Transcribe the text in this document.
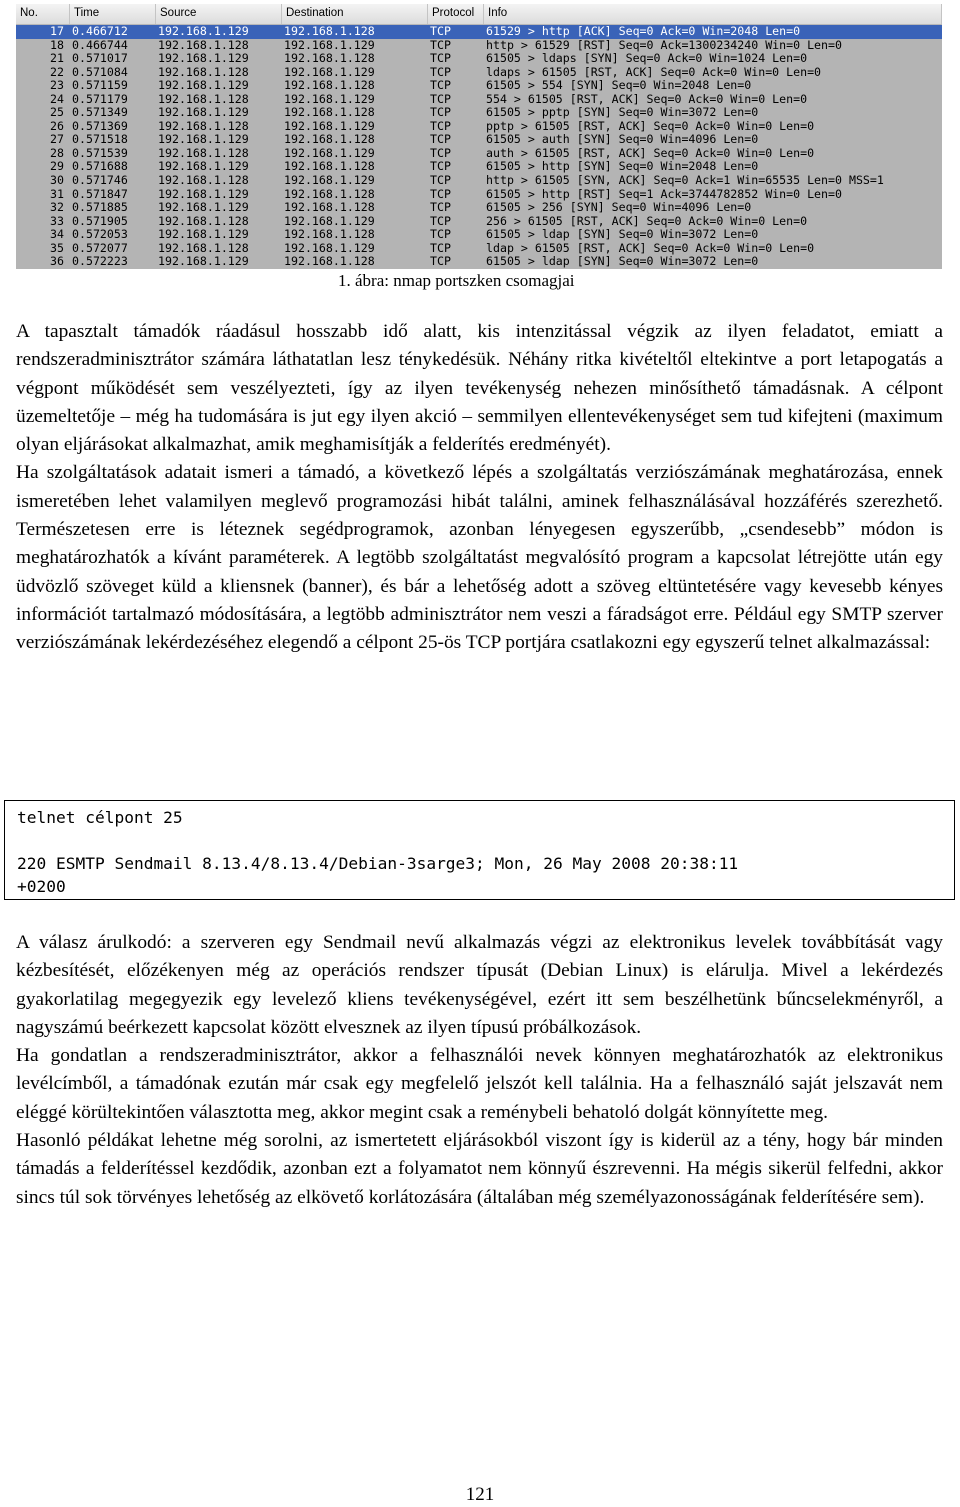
No.	Time	Source	Destination	Protocol	Info
17 0.466712	192.168.1.129	192.168.1.128	TCP	61529 > http [ACK] Seq=0 Ack=0 Win=2048 Len=0
18 0.466744	192.168.1.128	192.168.1.129	TCP	http > 61529 [RST] Seq=0 Ack=1300234240 Win=0 Len=0
21 0.571017	192.168.1.129	192.168.1.128	TCP	61505 > ldaps [SYN] Seq=0 Ack=0 Win=1024 Len=0
22 0.571084	192.168.1.128	192.168.1.129	TCP	ldaps > 61505 [RST, ACK] Seq=0 Ack=0 Win=0 Len=0
23 0.571159	192.168.1.129	192.168.1.128	TCP	61505 > 554 [SYN] Seq=0 Win=2048 Len=0
24 0.571179	192.168.1.128	192.168.1.129	TCP	554 > 61505 [RST, ACK] Seq=0 Ack=0 Win=0 Len=0
25 0.571349	192.168.1.129	192.168.1.128	TCP	61505 > pptp [SYN] Seq=0 Win=3072 Len=0
26 0.571369	192.168.1.128	192.168.1.129	TCP	pptp > 61505 [RST, ACK] Seq=0 Ack=0 Win=0 Len=0
27 0.571518	192.168.1.129	192.168.1.128	TCP	61505 > auth [SYN] Seq=0 Win=4096 Len=0
28 0.571539	192.168.1.128	192.168.1.129	TCP	auth > 61505 [RST, ACK] Seq=0 Ack=0 Win=0 Len=0
29 0.571688	192.168.1.129	192.168.1.128	TCP	61505 > http [SYN] Seq=0 Win=2048 Len=0
30 0.571746	192.168.1.128	192.168.1.129	TCP	http > 61505 [SYN, ACK] Seq=0 Ack=1 Win=65535 Len=0 MSS=1
31 0.571847	192.168.1.129	192.168.1.128	TCP	61505 > http [RST] Seq=1 Ack=3744782852 Win=0 Len=0
32 0.571885	192.168.1.129	192.168.1.128	TCP	61505 > 256 [SYN] Seq=0 Win=4096 Len=0
33 0.571905	192.168.1.128	192.168.1.129	TCP	256 > 61505 [RST, ACK] Seq=0 Ack=0 Win=0 Len=0
34 0.572053	192.168.1.129	192.168.1.128	TCP	61505 > ldap [SYN] Seq=0 Win=3072 Len=0
35 0.572077	192.168.1.128	192.168.1.129	TCP	ldap > 61505 [RST, ACK] Seq=0 Ack=0 Win=0 Len=0
36 0.572223	192.168.1.129	192.168.1.128	TCP	61505 > ldap [SYN] Seq=0 Win=3072 Len=0
1. ábra: nmap portszken csomagjai

A tapasztalt támadók ráadásul hosszabb idő alatt, kis intenzitással végzik az ilyen feladatot, emiatt a rendszeradminisztrátor számára láthatatlan lesz ténykedésük. Néhány ritka kivételtől eltekintve a port letapogatás a végpont működését sem veszélyezteti, így az ilyen tevékenység nehezen minősíthető támadásnak. A célpont üzemeltetője – még ha tudomására is jut egy ilyen akció – semmilyen ellentevékenységet sem tud kifejteni (maximum olyan eljárásokat alkalmazhat, amik meghamisítják a felderítés eredményét).

Ha szolgáltatások adatait ismeri a támadó, a következő lépés a szolgáltatás verziószámának meghatározása, ennek ismeretében lehet valamilyen meglevő programozási hibát találni, aminek felhasználásával hozzáférés szerezhető. Természetesen erre is léteznek segédprogramok, azonban lényegesen egyszerűbb, „csendesebb” módon is meghatározhatók a kívánt paraméterek. A legtöbb szolgáltatást megvalósító program a kapcsolat létrejötte után egy üdvözlő szöveget küld a kliensnek (banner), és bár a lehetőség adott a szöveg eltüntetésére vagy kevesebb kényes információt tartalmazó módosítására, a legtöbb adminisztrátor nem veszi a fáradságot erre. Például egy SMTP szerver verziószámának lekérdezéséhez elegendő a célpont 25-ös TCP portjára csatlakozni egy egyszerű telnet alkalmazással:

telnet célpont 25
220 ESMTP Sendmail 8.13.4/8.13.4/Debian-3sarge3; Mon, 26 May 2008 20:38:11
+0200

A válasz árulkodó: a szerveren egy Sendmail nevű alkalmazás végzi az elektronikus levelek továbbítását vagy kézbesítését, előzékenyen még az operációs rendszer típusát (Debian Linux) is elárulja. Mivel a lekérdezés gyakorlatilag megegyezik egy levelező kliens tevékenységével, ezért itt sem beszélhetünk bűncselekményről, a nagyszámú beérkezett kapcsolat között elvesznek az ilyen típusú próbálkozások.

Ha gondatlan a rendszeradminisztrátor, akkor a felhasználói nevek könnyen meghatározhatók az elektronikus levélcímből, a támadónak ezután már csak egy megfelelő jelszót kell találnia. Ha a felhasználó saját jelszavát nem eléggé körültekintően választotta meg, akkor megint csak a reménybeli behatoló dolgát könnyítette meg.

Hasonló példákat lehetne még sorolni, az ismertetett eljárásokból viszont így is kiderül az a tény, hogy bár minden támadás a felderítéssel kezdődik, azonban ezt a folyamatot nem könnyű észrevenni. Ha mégis sikerül felfedni, akkor sincs túl sok törvényes lehetőség az elkövető korlátozására (általában még személyazonosságának felderítésére sem).

121
